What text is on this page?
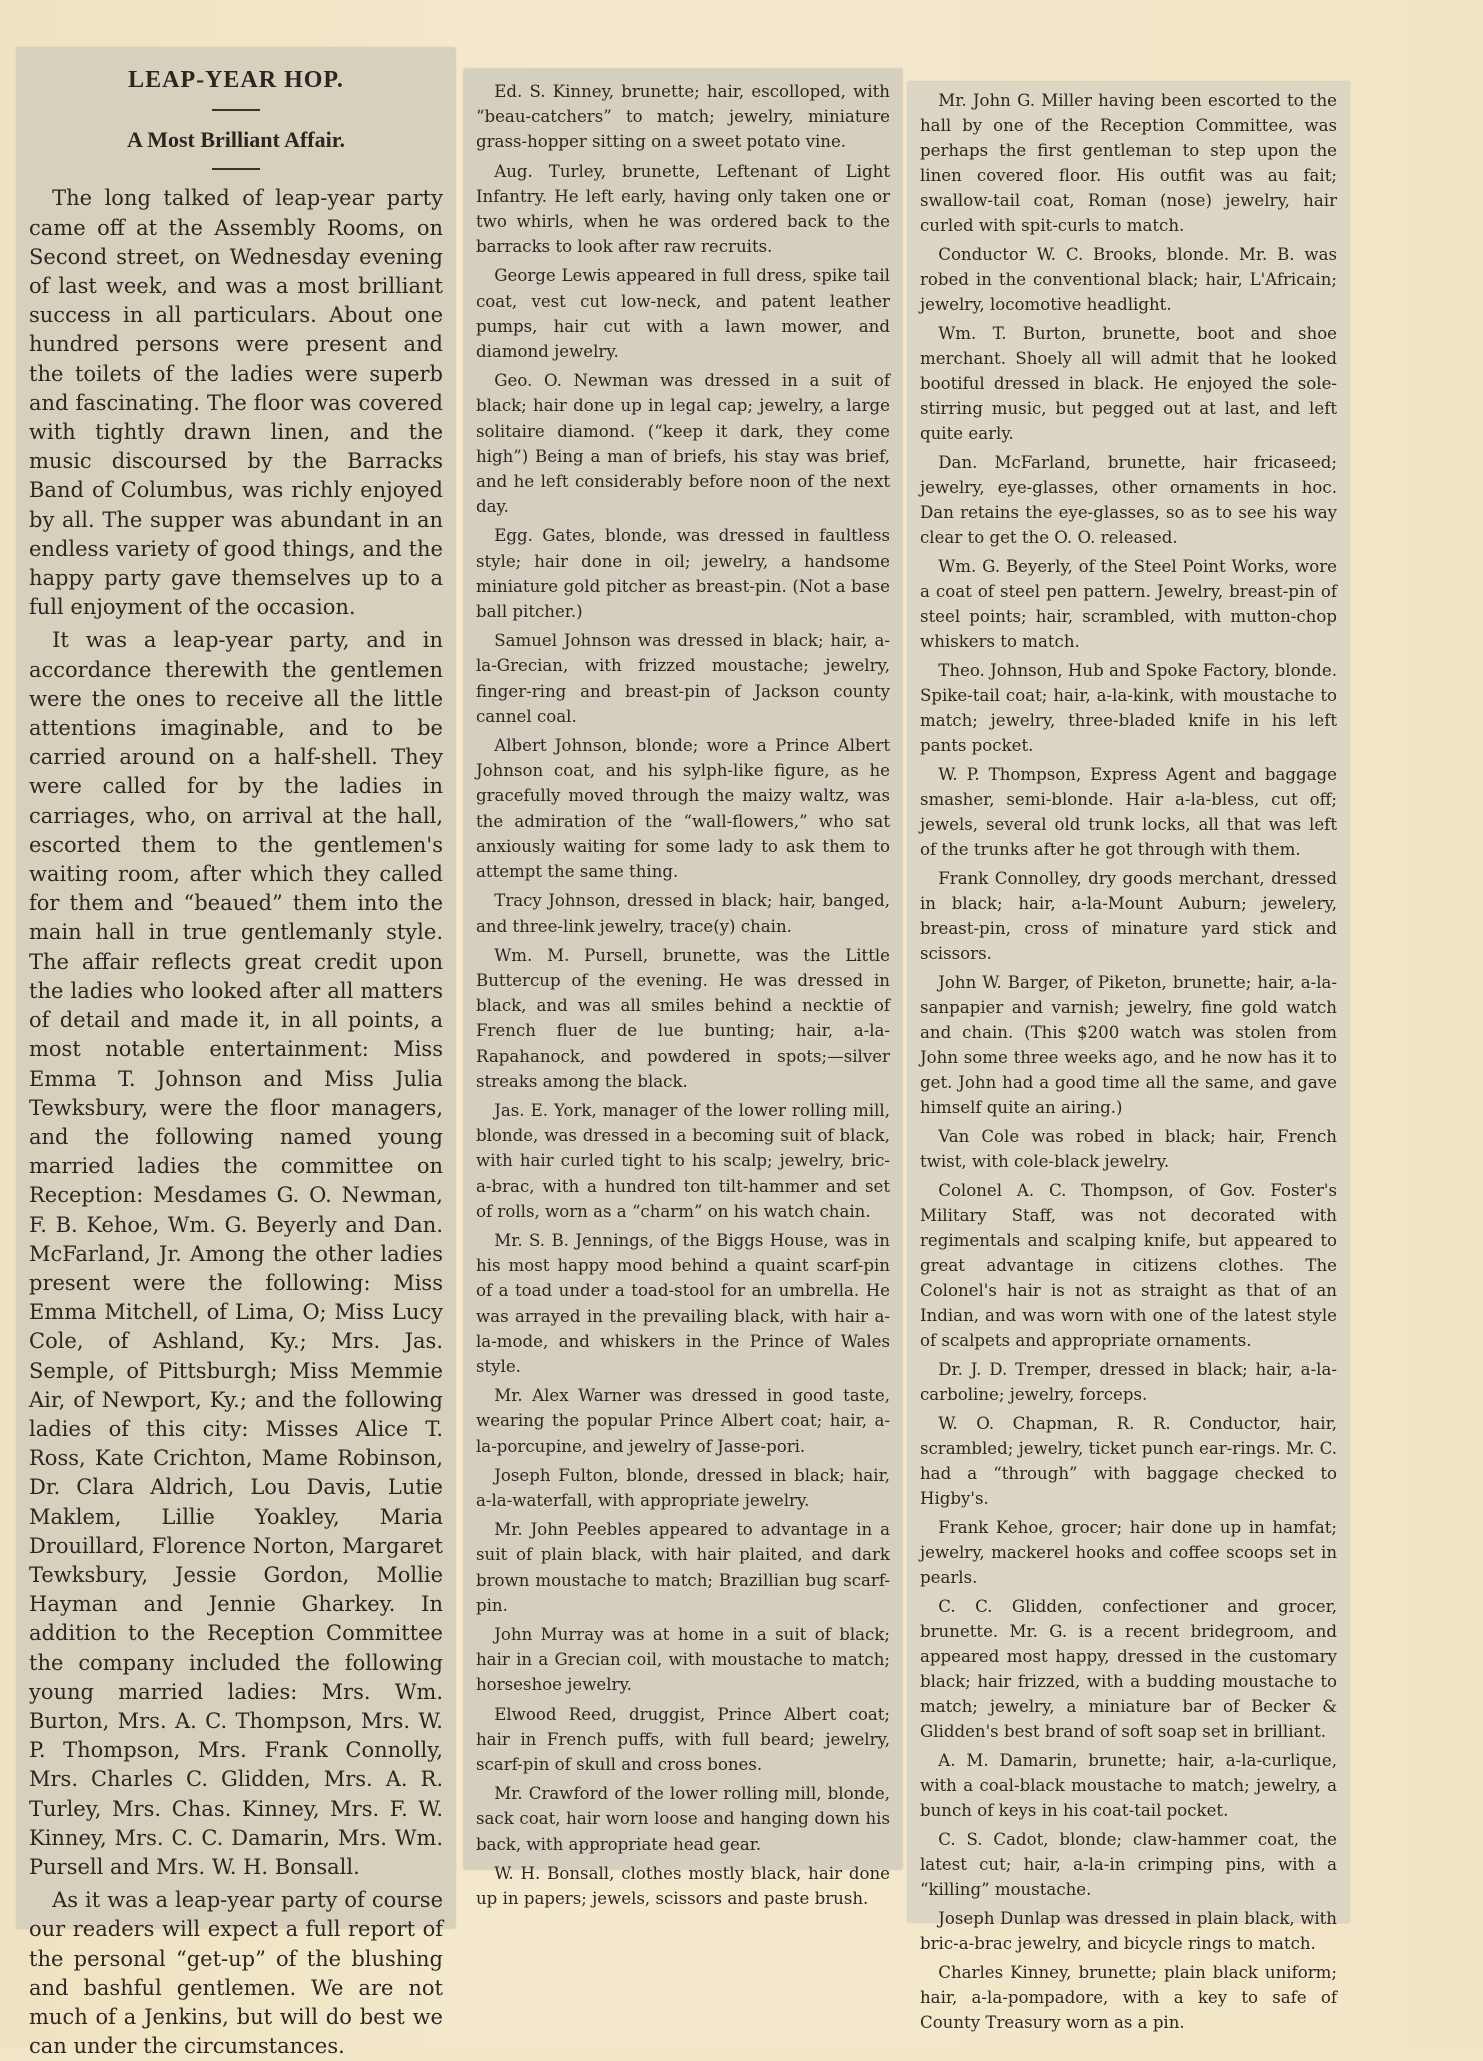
LEAP-YEAR HOP.
A Most Brilliant Affair.

The long talked of leap-year party came off at the Assembly Rooms, on Second street, on Wednesday evening of last week, and was a most brilliant success in all particulars. About one hundred persons were present and the toilets of the ladies were superb and fascinating. The floor was covered with tightly drawn linen, and the music discoursed by the Barracks Band of Columbus, was richly enjoyed by all. The supper was abundant in an endless variety of good things, and the happy party gave themselves up to a full enjoyment of the occasion.

It was a leap-year party, and in accordance therewith the gentlemen were the ones to receive all the little attentions imaginable, and to be carried around on a half-shell. They were called for by the ladies in carriages, who, on arrival at the hall, escorted them to the gentlemen's waiting room, after which they called for them and “beaued” them into the main hall in true gentlemanly style. The affair reflects great credit upon the ladies who looked after all matters of detail and made it, in all points, a most notable entertainment: Miss Emma T. Johnson and Miss Julia Tewksbury, were the floor managers, and the following named young married ladies the committee on Reception: Mesdames G. O. Newman, F. B. Kehoe, Wm. G. Beyerly and Dan. McFarland, Jr. Among the other ladies present were the following: Miss Emma Mitchell, of Lima, O; Miss Lucy Cole, of Ashland, Ky.; Mrs. Jas. Semple, of Pittsburgh; Miss Memmie Air, of Newport, Ky.; and the following ladies of this city: Misses Alice T. Ross, Kate Crichton, Mame Robinson, Dr. Clara Aldrich, Lou Davis, Lutie Maklem, Lillie Yoakley, Maria Drouillard, Florence Norton, Margaret Tewksbury, Jessie Gordon, Mollie Hayman and Jennie Gharkey. In addition to the Reception Committee the company included the following young married ladies: Mrs. Wm. Burton, Mrs. A. C. Thompson, Mrs. W. P. Thompson, Mrs. Frank Connolly, Mrs. Charles C. Glidden, Mrs. A. R. Turley, Mrs. Chas. Kinney, Mrs. F. W. Kinney, Mrs. C. C. Damarin, Mrs. Wm. Pursell and Mrs. W. H. Bonsall.

As it was a leap-year party of course our readers will expect a full report of the personal “get-up” of the blushing and bashful gentlemen. We are not much of a Jenkins, but will do best we can under the circumstances.

Ed. S. Kinney, brunette; hair, escolloped, with “beau-catchers” to match; jewelry, miniature grass-hopper sitting on a sweet potato vine.

Aug. Turley, brunette, Leftenant of Light Infantry. He left early, having only taken one or two whirls, when he was ordered back to the barracks to look after raw recruits.

George Lewis appeared in full dress, spike tail coat, vest cut low-neck, and patent leather pumps, hair cut with a lawn mower, and diamond jewelry.

Geo. O. Newman was dressed in a suit of black; hair done up in legal cap; jewelry, a large solitaire diamond. (“keep it dark, they come high”) Being a man of briefs, his stay was brief, and he left considerably before noon of the next day.

Egg. Gates, blonde, was dressed in faultless style; hair done in oil; jewelry, a handsome miniature gold pitcher as breast-pin. (Not a base ball pitcher.)

Samuel Johnson was dressed in black; hair, a-la-Grecian, with frizzed moustache; jewelry, finger-ring and breast-pin of Jackson county cannel coal.

Albert Johnson, blonde; wore a Prince Albert Johnson coat, and his sylph-like figure, as he gracefully moved through the maizy waltz, was the admiration of the “wall-flowers,” who sat anxiously waiting for some lady to ask them to attempt the same thing.

Tracy Johnson, dressed in black; hair, banged, and three-link jewelry, trace(y) chain.

Wm. M. Pursell, brunette, was the Little Buttercup of the evening. He was dressed in black, and was all smiles behind a necktie of French fluer de lue bunting; hair, a-la-Rapahanock, and powdered in spots;—silver streaks among the black.

Jas. E. York, manager of the lower rolling mill, blonde, was dressed in a becoming suit of black, with hair curled tight to his scalp; jewelry, bric-a-brac, with a hundred ton tilt-hammer and set of rolls, worn as a “charm” on his watch chain.

Mr. S. B. Jennings, of the Biggs House, was in his most happy mood behind a quaint scarf-pin of a toad under a toad-stool for an umbrella. He was arrayed in the prevailing black, with hair a-la-mode, and whiskers in the Prince of Wales style.

Mr. Alex Warner was dressed in good taste, wearing the popular Prince Albert coat; hair, a-la-porcupine, and jewelry of Jasse-pori.

Joseph Fulton, blonde, dressed in black; hair, a-la-waterfall, with appropriate jewelry.

Mr. John Peebles appeared to advantage in a suit of plain black, with hair plaited, and dark brown moustache to match; Brazillian bug scarf-pin.

John Murray was at home in a suit of black; hair in a Grecian coil, with moustache to match; horseshoe jewelry.

Elwood Reed, druggist, Prince Albert coat; hair in French puffs, with full beard; jewelry, scarf-pin of skull and cross bones.

Mr. Crawford of the lower rolling mill, blonde, sack coat, hair worn loose and hanging down his back, with appropriate head gear.

W. H. Bonsall, clothes mostly black, hair done up in papers; jewels, scissors and paste brush.

Mr. John G. Miller having been escorted to the hall by one of the Reception Committee, was perhaps the first gentleman to step upon the linen covered floor. His outfit was au fait; swallow-tail coat, Roman (nose) jewelry, hair curled with spit-curls to match.

Conductor W. C. Brooks, blonde. Mr. B. was robed in the conventional black; hair, L'Africain; jewelry, locomotive headlight.

Wm. T. Burton, brunette, boot and shoe merchant. Shoely all will admit that he looked bootiful dressed in black. He enjoyed the sole-stirring music, but pegged out at last, and left quite early.

Dan. McFarland, brunette, hair fricaseed; jewelry, eye-glasses, other ornaments in hoc. Dan retains the eye-glasses, so as to see his way clear to get the O. O. released.

Wm. G. Beyerly, of the Steel Point Works, wore a coat of steel pen pattern. Jewelry, breast-pin of steel points; hair, scrambled, with mutton-chop whiskers to match.

Theo. Johnson, Hub and Spoke Factory, blonde. Spike-tail coat; hair, a-la-kink, with moustache to match; jewelry, three-bladed knife in his left pants pocket.

W. P. Thompson, Express Agent and baggage smasher, semi-blonde. Hair a-la-bless, cut off; jewels, several old trunk locks, all that was left of the trunks after he got through with them.

Frank Connolley, dry goods merchant, dressed in black; hair, a-la-Mount Auburn; jewelery, breast-pin, cross of minature yard stick and scissors.

John W. Barger, of Piketon, brunette; hair, a-la-sanpapier and varnish; jewelry, fine gold watch and chain. (This $200 watch was stolen from John some three weeks ago, and he now has it to get. John had a good time all the same, and gave himself quite an airing.)

Van Cole was robed in black; hair, French twist, with cole-black jewelry.

Colonel A. C. Thompson, of Gov. Foster's Military Staff, was not decorated with regimentals and scalping knife, but appeared to great advantage in citizens clothes. The Colonel's hair is not as straight as that of an Indian, and was worn with one of the latest style of scalpets and appropriate ornaments.

Dr. J. D. Tremper, dressed in black; hair, a-la-carboline; jewelry, forceps.

W. O. Chapman, R. R. Conductor, hair, scrambled; jewelry, ticket punch ear-rings. Mr. C. had a “through” with baggage checked to Higby's.

Frank Kehoe, grocer; hair done up in hamfat; jewelry, mackerel hooks and coffee scoops set in pearls.

C. C. Glidden, confectioner and grocer, brunette. Mr. G. is a recent bridegroom, and appeared most happy, dressed in the customary black; hair frizzed, with a budding moustache to match; jewelry, a miniature bar of Becker & Glidden's best brand of soft soap set in brilliant.

A. M. Damarin, brunette; hair, a-la-curlique, with a coal-black moustache to match; jewelry, a bunch of keys in his coat-tail pocket.

C. S. Cadot, blonde; claw-hammer coat, the latest cut; hair, a-la-in crimping pins, with a “killing” moustache.

Joseph Dunlap was dressed in plain black, with bric-a-brac jewelry, and bicycle rings to match.

Charles Kinney, brunette; plain black uniform; hair, a-la-pompadore, with a key to safe of County Treasury worn as a pin.
